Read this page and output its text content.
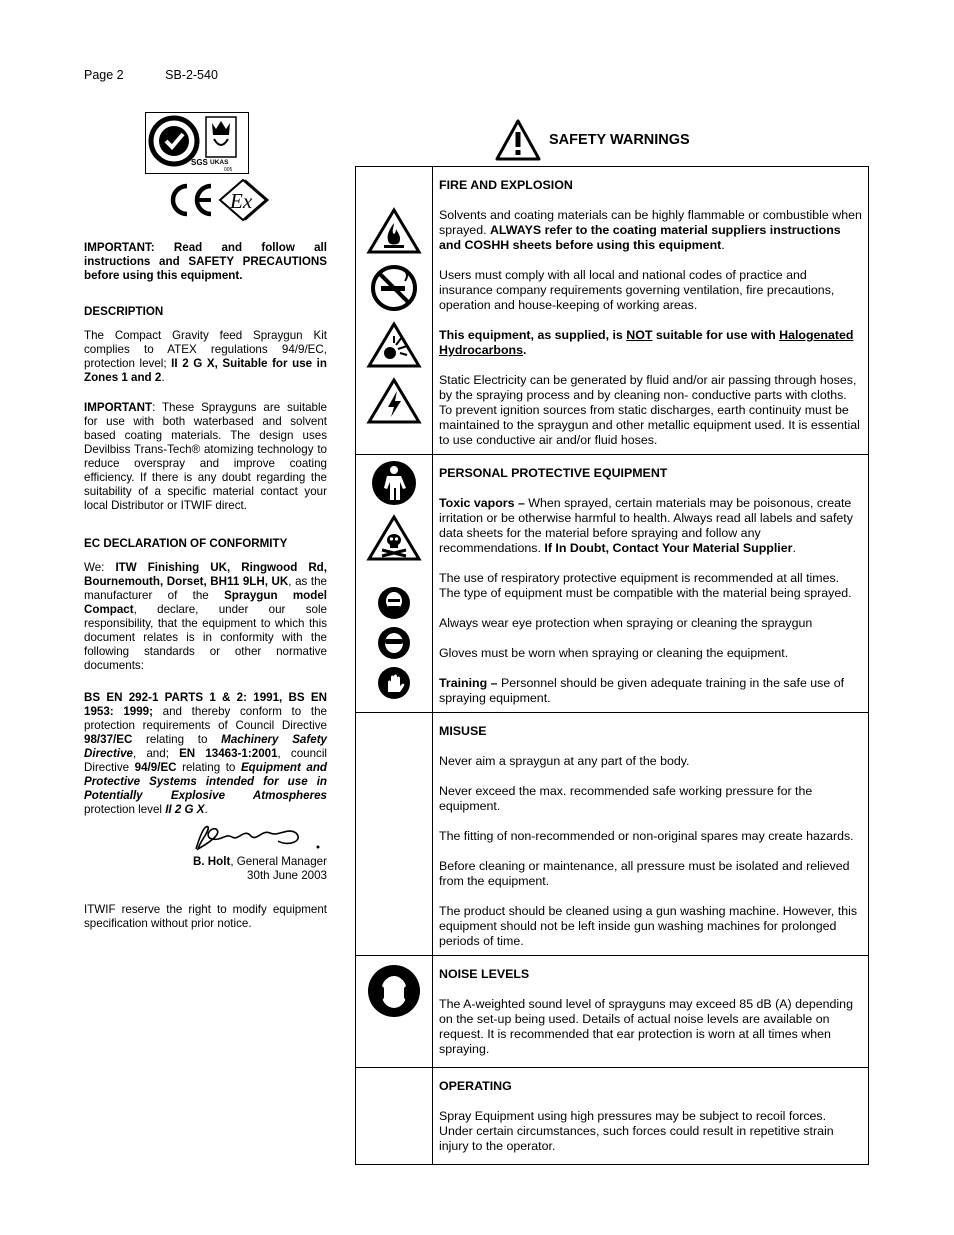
Page 2	SB-2-540
SGS UKAS
005
Ex

IMPORTANT: Read and follow all instructions and SAFETY PRECAUTIONS before using this equipment.

DESCRIPTION

The Compact Gravity feed Spraygun Kit complies to ATEX regulations 94/9/EC, protection level; II 2 G X, Suitable for use in Zones 1 and 2.

IMPORTANT: These Sprayguns are suitable for use with both waterbased and solvent based coating materials. The design uses Devilbiss Trans-Tech® atomizing technology to reduce overspray and improve coating efficiency. If there is any doubt regarding the suitability of a specific material contact your local Distributor or ITWIF direct.

EC DECLARATION OF CONFORMITY

We: ITW Finishing UK, Ringwood Rd, Bournemouth, Dorset, BH11 9LH, UK, as the manufacturer of the Spraygun model Compact, declare, under our sole responsibility, that the equipment to which this document relates is in conformity with the following standards or other normative documents:

BS EN 292-1 PARTS 1 & 2: 1991, BS EN 1953: 1999; and thereby conform to the protection requirements of Council Directive 98/37/EC relating to Machinery Safety Directive, and; EN 13463-1:2001, council Directive 94/9/EC relating to Equipment and Protective Systems intended for use in Potentially Explosive Atmospheres protection level II 2 G X.

B. Holt, General Manager

30th June 2003

ITWIF reserve the right to modify equipment specification without prior notice.

SAFETY WARNINGS

FIRE AND EXPLOSION

Solvents and coating materials can be highly flammable or combustible when sprayed. ALWAYS refer to the coating material suppliers instructions and COSHH sheets before using this equipment.

Users must comply with all local and national codes of practice and insurance company requirements governing ventilation, fire precautions, operation and house-keeping of working areas.

This equipment, as supplied, is NOT suitable for use with Halogenated Hydrocarbons.

Static Electricity can be generated by fluid and/or air passing through hoses, by the spraying process and by cleaning non- conductive parts with cloths. To prevent ignition sources from static discharges, earth continuity must be maintained to the spraygun and other metallic equipment used. It is essential to use conductive air and/or fluid hoses.

PERSONAL PROTECTIVE EQUIPMENT

Toxic vapors – When sprayed, certain materials may be poisonous, create irritation or be otherwise harmful to health. Always read all labels and safety data sheets for the material before spraying and follow any recommendations. If In Doubt, Contact Your Material Supplier.

The use of respiratory protective equipment is recommended at all times. The type of equipment must be compatible with the material being sprayed.

Always wear eye protection when spraying or cleaning the spraygun

Gloves must be worn when spraying or cleaning the equipment.

Training – Personnel should be given adequate training in the safe use of spraying equipment.

MISUSE

Never aim a spraygun at any part of the body.

Never exceed the max. recommended safe working pressure for the equipment.

The fitting of non-recommended or non-original spares may create hazards.

Before cleaning or maintenance, all pressure must be isolated and relieved from the equipment.

The product should be cleaned using a gun washing machine. However, this equipment should not be left inside gun washing machines for prolonged periods of time.

NOISE LEVELS

The A-weighted sound level of sprayguns may exceed 85 dB (A) depending on the set-up being used. Details of actual noise levels are available on request. It is recommended that ear protection is worn at all times when spraying.

OPERATING

Spray Equipment using high pressures may be subject to recoil forces. Under certain circumstances, such forces could result in repetitive strain injury to the operator.
